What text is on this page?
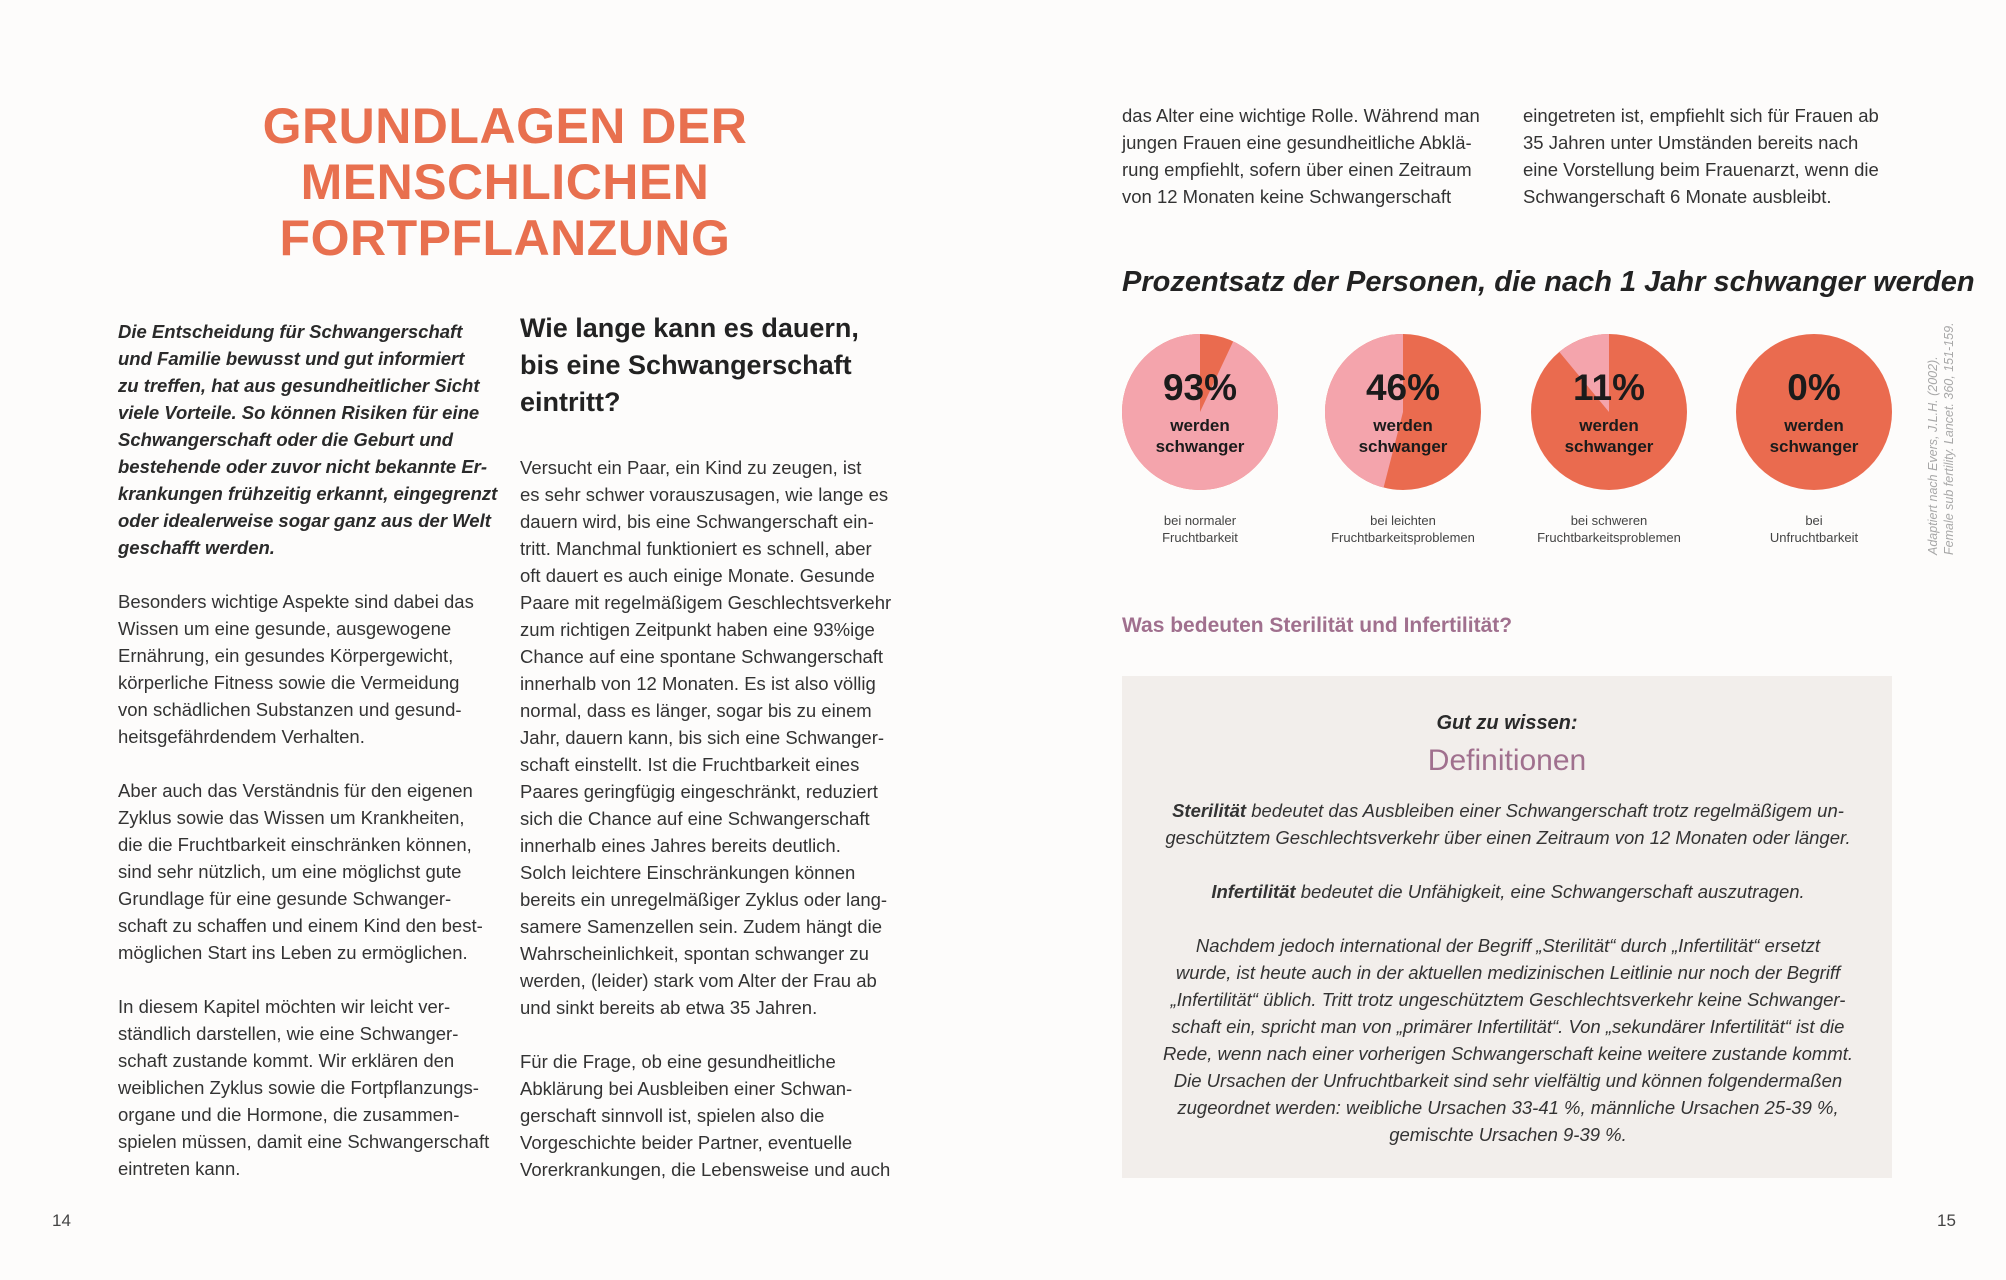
GRUNDLAGEN DER
MENSCHLICHEN
FORTPFLANZUNG
Die Entscheidung für Schwangerschaft
und Familie bewusst und gut informiert
zu treffen, hat aus gesundheitlicher Sicht
viele Vorteile. So können Risiken für eine
Schwangerschaft oder die Geburt und
bestehende oder zuvor nicht bekannte Er-
krankungen frühzeitig erkannt, eingegrenzt
oder idealerweise sogar ganz aus der Welt
geschafft werden.
Besonders wichtige Aspekte sind dabei das
Wissen um eine gesunde, ausgewogene
Ernährung, ein gesundes Körpergewicht,
körperliche Fitness sowie die Vermeidung
von schädlichen Substanzen und gesund-
heitsgefährdendem Verhalten.
Aber auch das Verständnis für den eigenen
Zyklus sowie das Wissen um Krankheiten,
die die Fruchtbarkeit einschränken können,
sind sehr nützlich, um eine möglichst gute
Grundlage für eine gesunde Schwanger-
schaft zu schaffen und einem Kind den best-
möglichen Start ins Leben zu ermöglichen.
In diesem Kapitel möchten wir leicht ver-
ständlich darstellen, wie eine Schwanger-
schaft zustande kommt. Wir erklären den
weiblichen Zyklus sowie die Fortpflanzungs-
organe und die Hormone, die zusammen-
spielen müssen, damit eine Schwangerschaft
eintreten kann.
Wie lange kann es dauern,
bis eine Schwangerschaft
eintritt?
Versucht ein Paar, ein Kind zu zeugen, ist
es sehr schwer vorauszusagen, wie lange es
dauern wird, bis eine Schwangerschaft ein-
tritt. Manchmal funktioniert es schnell, aber
oft dauert es auch einige Monate. Gesunde
Paare mit regelmäßigem Geschlechtsverkehr
zum richtigen Zeitpunkt haben eine 93%ige
Chance auf eine spontane Schwangerschaft
innerhalb von 12 Monaten. Es ist also völlig
normal, dass es länger, sogar bis zu einem
Jahr, dauern kann, bis sich eine Schwanger-
schaft einstellt. Ist die Fruchtbarkeit eines
Paares geringfügig eingeschränkt, reduziert
sich die Chance auf eine Schwangerschaft
innerhalb eines Jahres bereits deutlich.
Solch leichtere Einschränkungen können
bereits ein unregelmäßiger Zyklus oder lang-
samere Samenzellen sein. Zudem hängt die
Wahrscheinlichkeit, spontan schwanger zu
werden, (leider) stark vom Alter der Frau ab
und sinkt bereits ab etwa 35 Jahren.
Für die Frage, ob eine gesundheitliche
Abklärung bei Ausbleiben einer Schwan-
gerschaft sinnvoll ist, spielen also die
Vorgeschichte beider Partner, eventuelle
Vorerkrankungen, die Lebensweise und auch
14
das Alter eine wichtige Rolle. Während man
jungen Frauen eine gesundheitliche Abklä-
rung empfiehlt, sofern über einen Zeitraum
von 12 Monaten keine Schwangerschaft
eingetreten ist, empfiehlt sich für Frauen ab
35 Jahren unter Umständen bereits nach
eine Vorstellung beim Frauenarzt, wenn die
Schwangerschaft 6 Monate ausbleibt.
Prozentsatz der Personen, die nach 1 Jahr schwanger werden
93%
werden
schwanger
bei normaler
Fruchtbarkeit
46%
werden
schwanger
bei leichten
Fruchtbarkeitsproblemen
11%
werden
schwanger
bei schweren
Fruchtbarkeitsproblemen
0%
werden
schwanger
bei
Unfruchtbarkeit	Adaptiert nach Evers, J.L.H. (2002). Female sub fertility. Lancet. 360, 151-159.
Was bedeuten Sterilität und Infertilität?
Gut zu wissen:
Definitionen
Sterilität bedeutet das Ausbleiben einer Schwangerschaft trotz regelmäßigem un-
geschütztem Geschlechtsverkehr über einen Zeitraum von 12 Monaten oder länger.
Infertilität bedeutet die Unfähigkeit, eine Schwangerschaft auszutragen.
Nachdem jedoch international der Begriff „Sterilität“ durch „Infertilität“ ersetzt
wurde, ist heute auch in der aktuellen medizinischen Leitlinie nur noch der Begriff
„Infertilität“ üblich. Tritt trotz ungeschütztem Geschlechtsverkehr keine Schwanger-
schaft ein, spricht man von „primärer Infertilität“. Von „sekundärer Infertilität“ ist die
Rede, wenn nach einer vorherigen Schwangerschaft keine weitere zustande kommt.
Die Ursachen der Unfruchtbarkeit sind sehr vielfältig und können folgendermaßen
zugeordnet werden: weibliche Ursachen 33-41 %, männliche Ursachen 25-39 %,
gemischte Ursachen 9-39 %.
15
